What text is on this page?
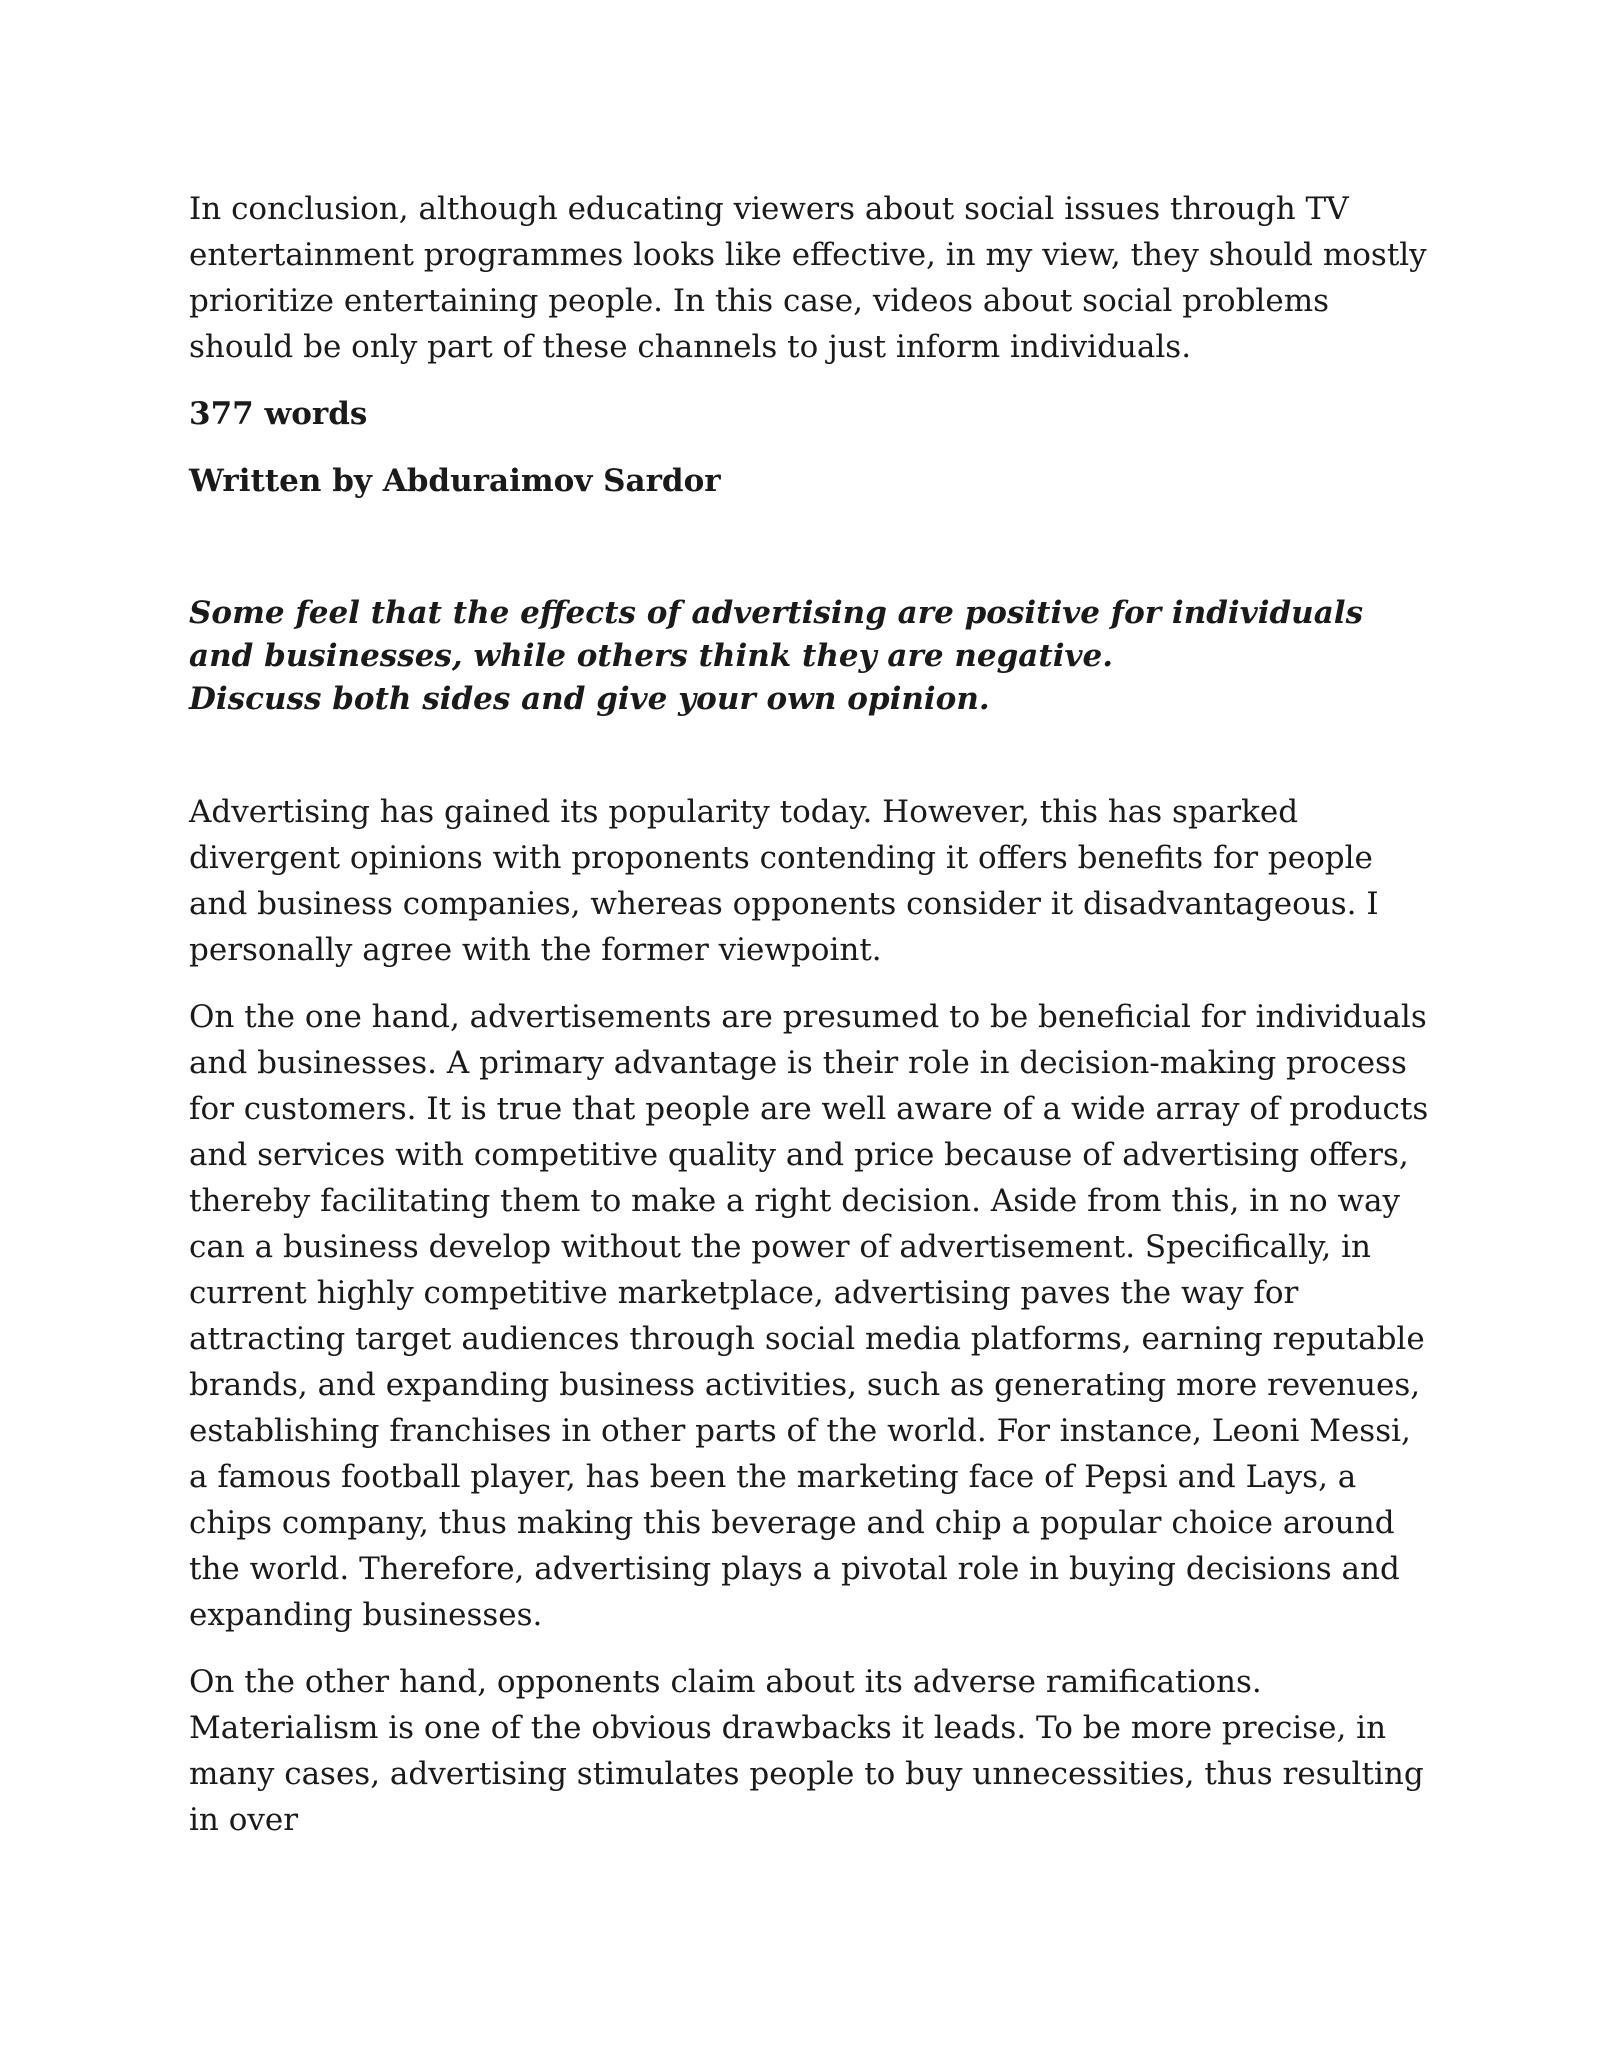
In conclusion, although educating viewers about social issues through TV entertainment programmes looks like effective, in my view, they should mostly prioritize entertaining people. In this case, videos about social problems should be only part of these channels to just inform individuals.

377 words

Written by Abduraimov Sardor

Some feel that the effects of advertising are positive for individuals and businesses, while others think they are negative.
Discuss both sides and give your own opinion.

Advertising has gained its popularity today. However, this has sparked divergent opinions with proponents contending it offers benefits for people and business companies, whereas opponents consider it disadvantageous. I personally agree with the former viewpoint.

On the one hand, advertisements are presumed to be beneficial for individuals and businesses. A primary advantage is their role in decision-making process for customers. It is true that people are well aware of a wide array of products and services with competitive quality and price because of advertising offers, thereby facilitating them to make a right decision. Aside from this, in no way can a business develop without the power of advertisement. Specifically, in current highly competitive marketplace, advertising paves the way for attracting target audiences through social media platforms, earning reputable brands, and expanding business activities, such as generating more revenues, establishing franchises in other parts of the world. For instance, Leoni Messi, a famous football player, has been the marketing face of Pepsi and Lays, a chips company, thus making this beverage and chip a popular choice around the world. Therefore, advertising plays a pivotal role in buying decisions and expanding businesses.

On the other hand, opponents claim about its adverse ramifications. Materialism is one of the obvious drawbacks it leads. To be more precise, in many cases, advertising stimulates people to buy unnecessities, thus resulting in over
